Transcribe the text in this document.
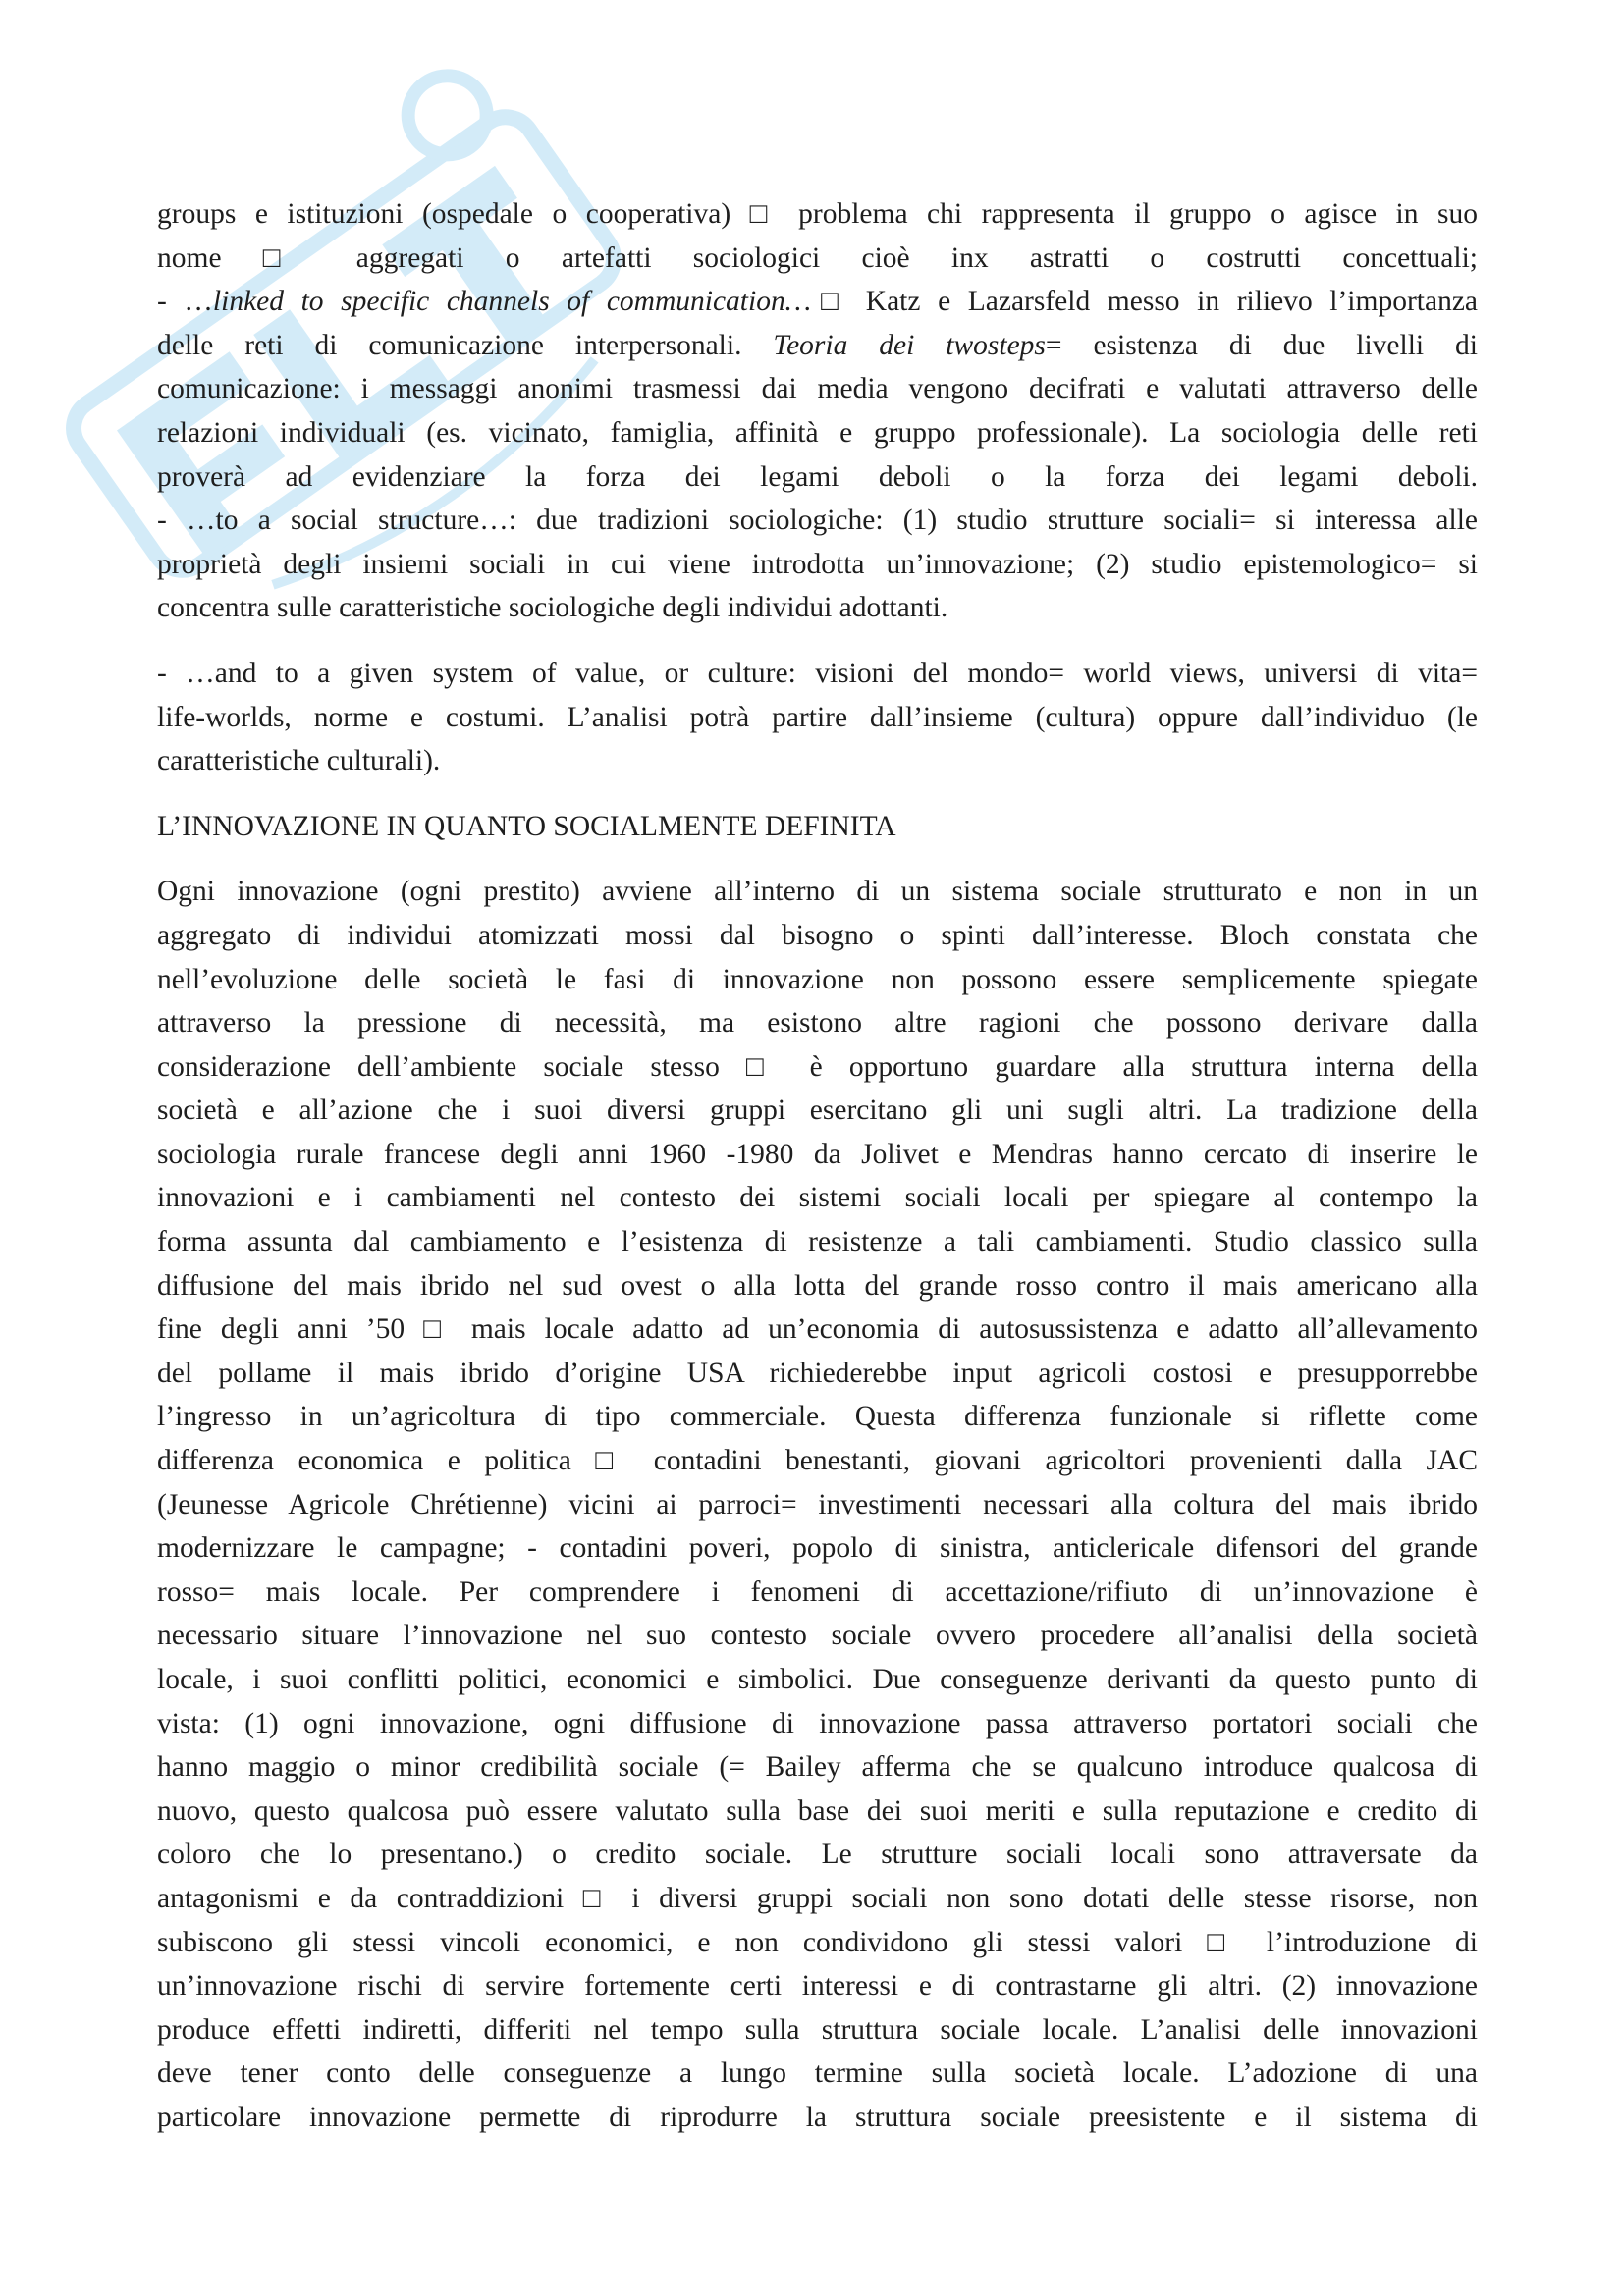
groups e istituzioni (ospedale o cooperativa) □ problema chi rappresenta il gruppo o agisce in suo
nome □ aggregati o artefatti sociologici cioè inx astratti o costrutti concettuali;
- …linked to specific channels of communication…□ Katz e Lazarsfeld messo in rilievo l’importanza
delle reti di comunicazione interpersonali. Teoria dei twosteps= esistenza di due livelli di
comunicazione: i messaggi anonimi trasmessi dai media vengono decifrati e valutati attraverso delle
relazioni individuali (es. vicinato, famiglia, affinità e gruppo professionale). La sociologia delle reti
proverà ad evidenziare la forza dei legami deboli o la forza dei legami deboli.
- …to a social structure…: due tradizioni sociologiche: (1) studio strutture sociali= si interessa alle
proprietà degli insiemi sociali in cui viene introdotta un’innovazione; (2) studio epistemologico= si
concentra sulle caratteristiche sociologiche degli individui adottanti.

- …and to a given system of value, or culture: visioni del mondo= world views, universi di vita=
life-worlds, norme e costumi. L’analisi potrà partire dall’insieme (cultura) oppure dall’individuo (le
caratteristiche culturali).

L’INNOVAZIONE IN QUANTO SOCIALMENTE DEFINITA

Ogni innovazione (ogni prestito) avviene all’interno di un sistema sociale strutturato e non in un
aggregato di individui atomizzati mossi dal bisogno o spinti dall’interesse. Bloch constata che
nell’evoluzione delle società le fasi di innovazione non possono essere semplicemente spiegate
attraverso la pressione di necessità, ma esistono altre ragioni che possono derivare dalla
considerazione dell’ambiente sociale stesso □ è opportuno guardare alla struttura interna della
società e all’azione che i suoi diversi gruppi esercitano gli uni sugli altri. La tradizione della
sociologia rurale francese degli anni 1960 -1980 da Jolivet e Mendras hanno cercato di inserire le
innovazioni e i cambiamenti nel contesto dei sistemi sociali locali per spiegare al contempo la
forma assunta dal cambiamento e l’esistenza di resistenze a tali cambiamenti. Studio classico sulla
diffusione del mais ibrido nel sud ovest o alla lotta del grande rosso contro il mais americano alla
fine degli anni ’50 □ mais locale adatto ad un’economia di autosussistenza e adatto all’allevamento
del pollame il mais ibrido d’origine USA richiederebbe input agricoli costosi e presupporrebbe
l’ingresso in un’agricoltura di tipo commerciale. Questa differenza funzionale si riflette come
differenza economica e politica □ contadini benestanti, giovani agricoltori provenienti dalla JAC
(Jeunesse Agricole Chrétienne) vicini ai parroci= investimenti necessari alla coltura del mais ibrido
modernizzare le campagne; - contadini poveri, popolo di sinistra, anticlericale difensori del grande
rosso= mais locale. Per comprendere i fenomeni di accettazione/rifiuto di un’innovazione è
necessario situare l’innovazione nel suo contesto sociale ovvero procedere all’analisi della società
locale, i suoi conflitti politici, economici e simbolici. Due conseguenze derivanti da questo punto di
vista: (1) ogni innovazione, ogni diffusione di innovazione passa attraverso portatori sociali che
hanno maggio o minor credibilità sociale (= Bailey afferma che se qualcuno introduce qualcosa di
nuovo, questo qualcosa può essere valutato sulla base dei suoi meriti e sulla reputazione e credito di
coloro che lo presentano.) o credito sociale. Le strutture sociali locali sono attraversate da
antagonismi e da contraddizioni □ i diversi gruppi sociali non sono dotati delle stesse risorse, non
subiscono gli stessi vincoli economici, e non condividono gli stessi valori □ l’introduzione di
un’innovazione rischi di servire fortemente certi interessi e di contrastarne gli altri. (2) innovazione
produce effetti indiretti, differiti nel tempo sulla struttura sociale locale. L’analisi delle innovazioni
deve tener conto delle conseguenze a lungo termine sulla società locale. L’adozione di una
particolare innovazione permette di riprodurre la struttura sociale preesistente e il sistema di
